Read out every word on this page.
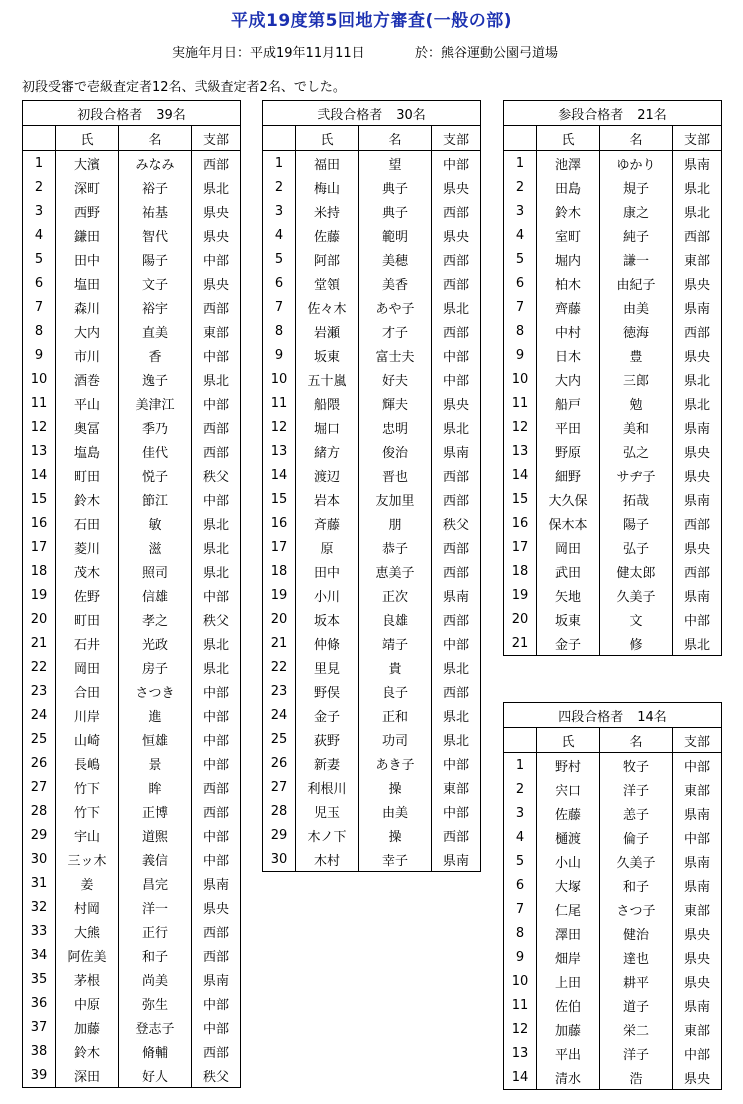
平成19度第5回地方審査(一般の部)
実施年月日：平成19年11月11日	於：熊谷運動公園弓道場
初段受審で壱級査定者12名、弐級査定者2名、でした。
初段合格者 39名			
	氏	名	支部
1	大濱	みなみ	西部
2	深町	裕子	県北
3	西野	祐基	県央
4	鎌田	智代	県央
5	田中	陽子	中部
6	塩田	文子	県央
7	森川	裕宇	西部
8	大内	直美	東部
9	市川	香	中部
10	酒巻	逸子	県北
11	平山	美津江	中部
12	奥冨	季乃	西部
13	塩島	佳代	西部
14	町田	悦子	秩父
15	鈴木	節江	中部
16	石田	敏	県北
17	菱川	滋	県北
18	茂木	照司	県北
19	佐野	信雄	中部
20	町田	孝之	秩父
21	石井	光政	県北
22	岡田	房子	県北
23	合田	さつき	中部
24	川岸	進	中部
25	山崎	恒雄	中部
26	長嶋	景	中部
27	竹下	眸	西部
28	竹下	正博	西部
29	宇山	道煕	中部
30	三ッ木	義信	中部
31	姜	昌完	県南
32	村岡	洋一	県央
33	大熊	正行	西部
34	阿佐美	和子	西部
35	茅根	尚美	県南
36	中原	弥生	中部
37	加藤	登志子	中部
38	鈴木	脩輔	西部
39	深田	好人	秩父
弐段合格者 30名			
	氏	名	支部
1	福田	望	中部
2	梅山	典子	県央
3	米持	典子	西部
4	佐藤	範明	県央
5	阿部	美穂	西部
6	堂領	美香	西部
7	佐々木	あや子	県北
8	岩瀬	才子	西部
9	坂東	富士夫	中部
10	五十嵐	好夫	中部
11	船隈	輝夫	県央
12	堀口	忠明	県北
13	緒方	俊治	県南
14	渡辺	晋也	西部
15	岩本	友加里	西部
16	斉藤	朋	秩父
17	原	恭子	西部
18	田中	恵美子	西部
19	小川	正次	県南
20	坂本	良雄	西部
21	仲條	靖子	中部
22	里見	貴	県北
23	野俣	良子	西部
24	金子	正和	県北
25	荻野	功司	県北
26	新妻	あき子	中部
27	利根川	操	東部
28	児玉	由美	中部
29	木ノ下	操	西部
30	木村	幸子	県南
参段合格者 21名			
	氏	名	支部
1	池澤	ゆかり	県南
2	田島	規子	県北
3	鈴木	康之	県北
4	室町	純子	西部
5	堀内	謙一	東部
6	柏木	由紀子	県央
7	齊藤	由美	県南
8	中村	徳海	西部
9	日木	豊	県央
10	大内	三郎	県北
11	船戸	勉	県北
12	平田	美和	県南
13	野原	弘之	県央
14	細野	サヂ子	県央
15	大久保	拓哉	県南
16	保木本	陽子	西部
17	岡田	弘子	県央
18	武田	健太郎	西部
19	矢地	久美子	県南
20	坂東	文	中部
21	金子	修	県北
四段合格者 14名			
	氏	名	支部
1	野村	牧子	中部
2	宍口	洋子	東部
3	佐藤	恙子	県南
4	樋渡	倫子	中部
5	小山	久美子	県南
6	大塚	和子	県南
7	仁尾	さつ子	東部
8	澤田	健治	県央
9	畑岸	達也	県央
10	上田	耕平	県央
11	佐伯	道子	県南
12	加藤	栄二	東部
13	平出	洋子	中部
14	清水	浩	県央
